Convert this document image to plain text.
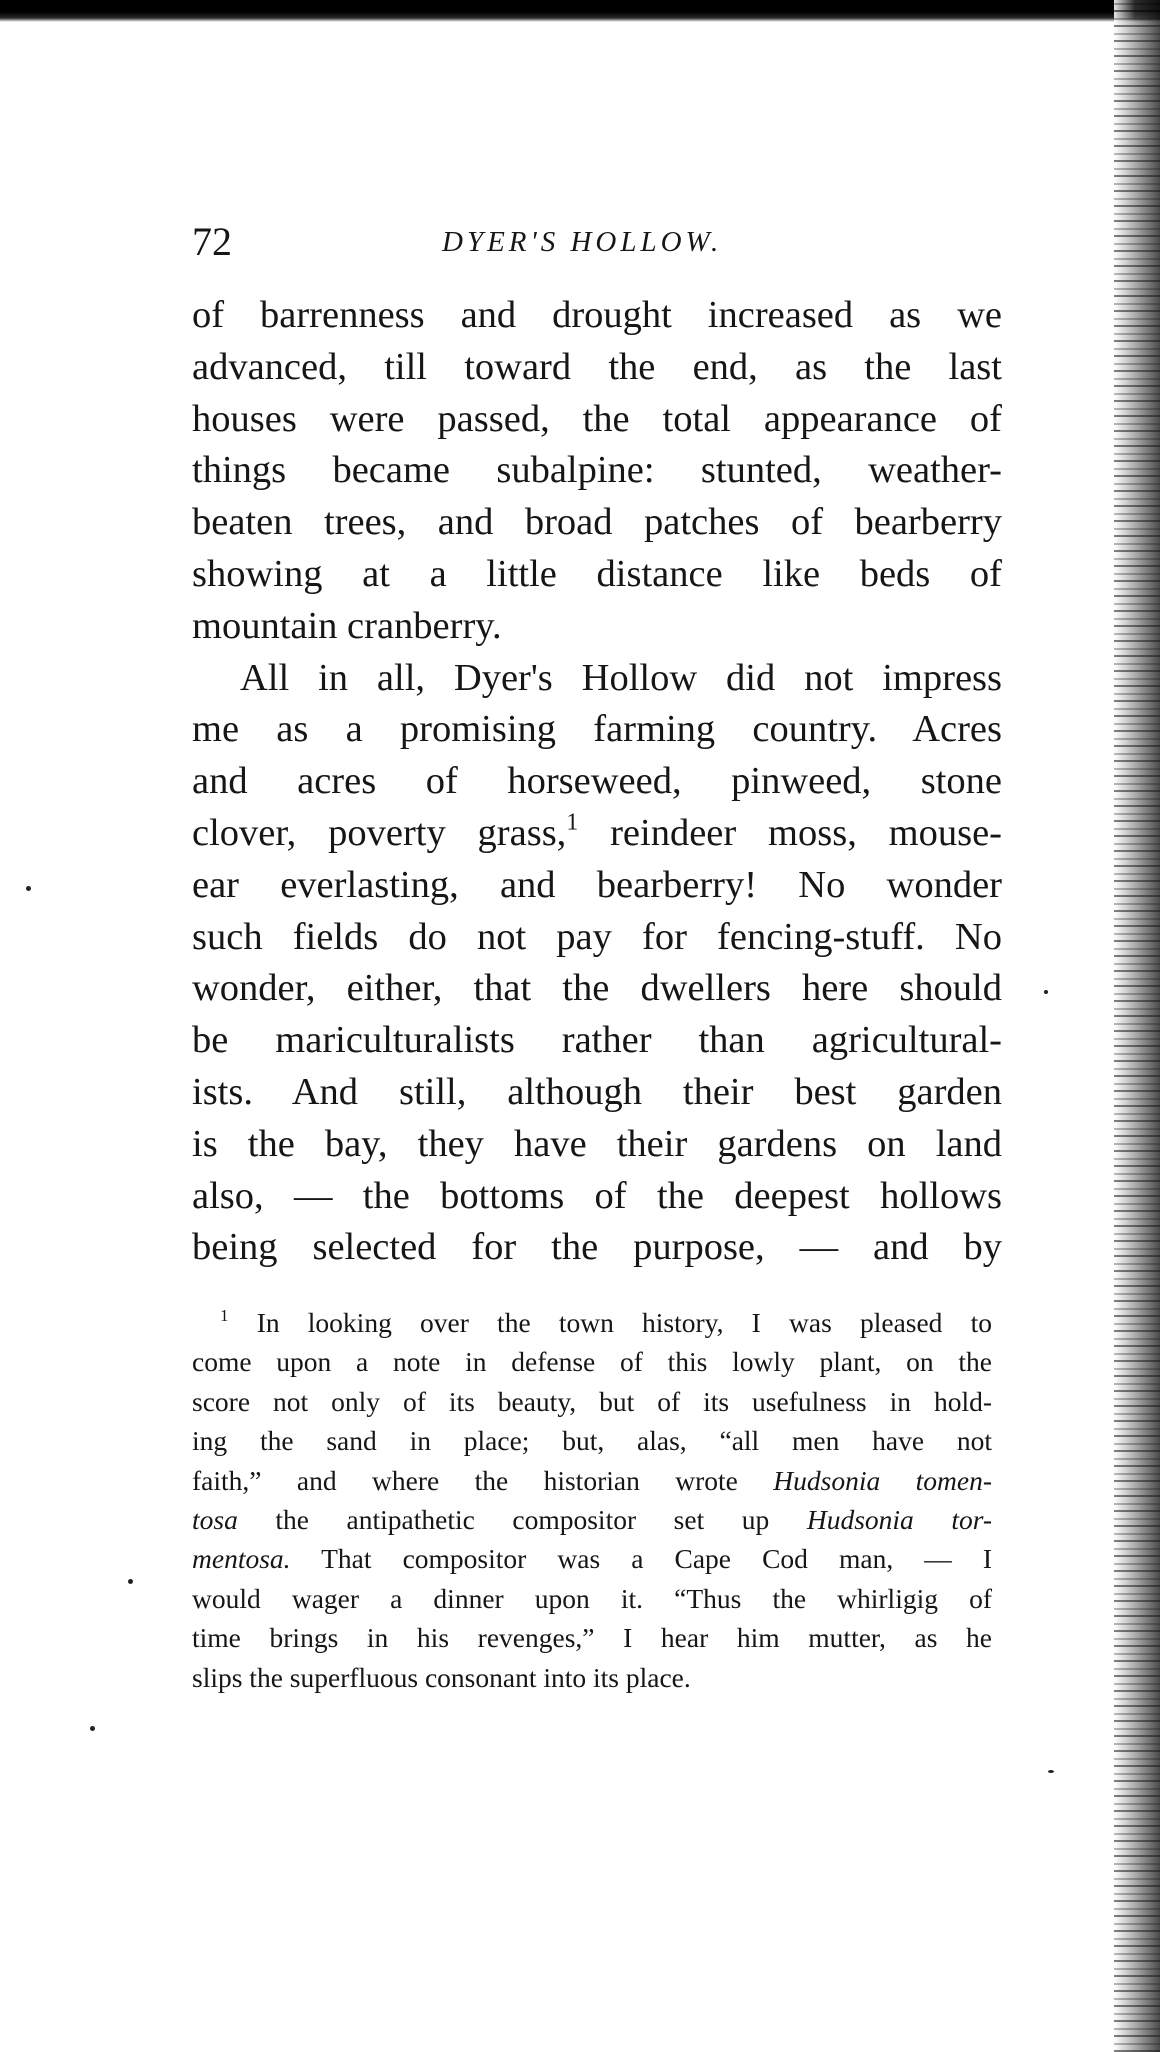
72	DYER'S HOLLOW.
of barrenness and drought increased as we
advanced, till toward the end, as the last
houses were passed, the total appearance of
things became subalpine: stunted, weather-
beaten trees, and broad patches of bearberry
showing at a little distance like beds of
mountain cranberry.
All in all, Dyer's Hollow did not impress
me as a promising farming country. Acres
and acres of horseweed, pinweed, stone
clover, poverty grass,$^1$ reindeer moss, mouse-
ear everlasting, and bearberry! No wonder
such fields do not pay for fencing-stuff. No
wonder, either, that the dwellers here should
be mariculturalists rather than agricultural-
ists. And still, although their best garden
is the bay, they have their gardens on land
also, — the bottoms of the deepest hollows
being selected for the purpose, — and by
$^1$ In looking over the town history, I was pleased to
come upon a note in defense of this lowly plant, on the
score not only of its beauty, but of its usefulness in hold-
ing the sand in place; but, alas, “all men have not
faith,” and where the historian wrote Hudsonia tomen-
tosa the antipathetic compositor set up Hudsonia tor-
mentosa. That compositor was a Cape Cod man, — I
would wager a dinner upon it. “Thus the whirligig of
time brings in his revenges,” I hear him mutter, as he
slips the superfluous consonant into its place.
